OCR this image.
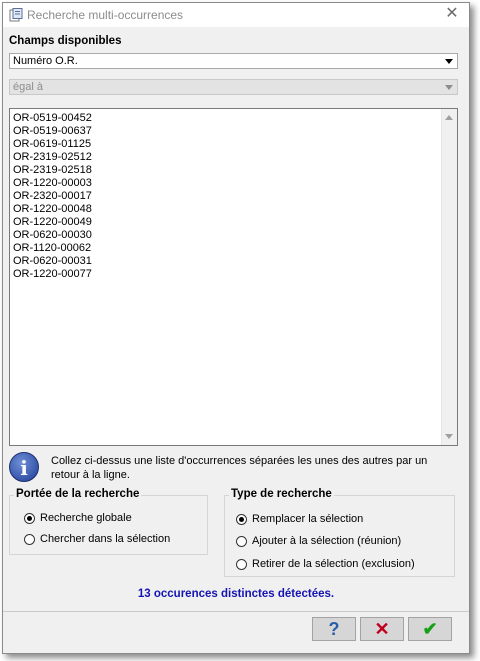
Recherche multi-occurrences	✕
Champs disponibles
Numéro O.R.
égal à
OR-0519-00452
OR-0519-00637
OR-0619-01125
OR-2319-02512
OR-2319-02518
OR-1220-00003
OR-2320-00017
OR-1220-00048
OR-1220-00049
OR-0620-00030
OR-1120-00062
OR-0620-00031
OR-1220-00077
i	Collez ci-dessus une liste d'occurrences séparées les unes des autres par un retour à la ligne.
Portée de la recherche
Recherche globale
Chercher dans la sélection
Type de recherche
Remplacer la sélection
Ajouter à la sélection (réunion)
Retirer de la sélection (exclusion)
13 occurences distinctes détectées.
?	✕	✔
